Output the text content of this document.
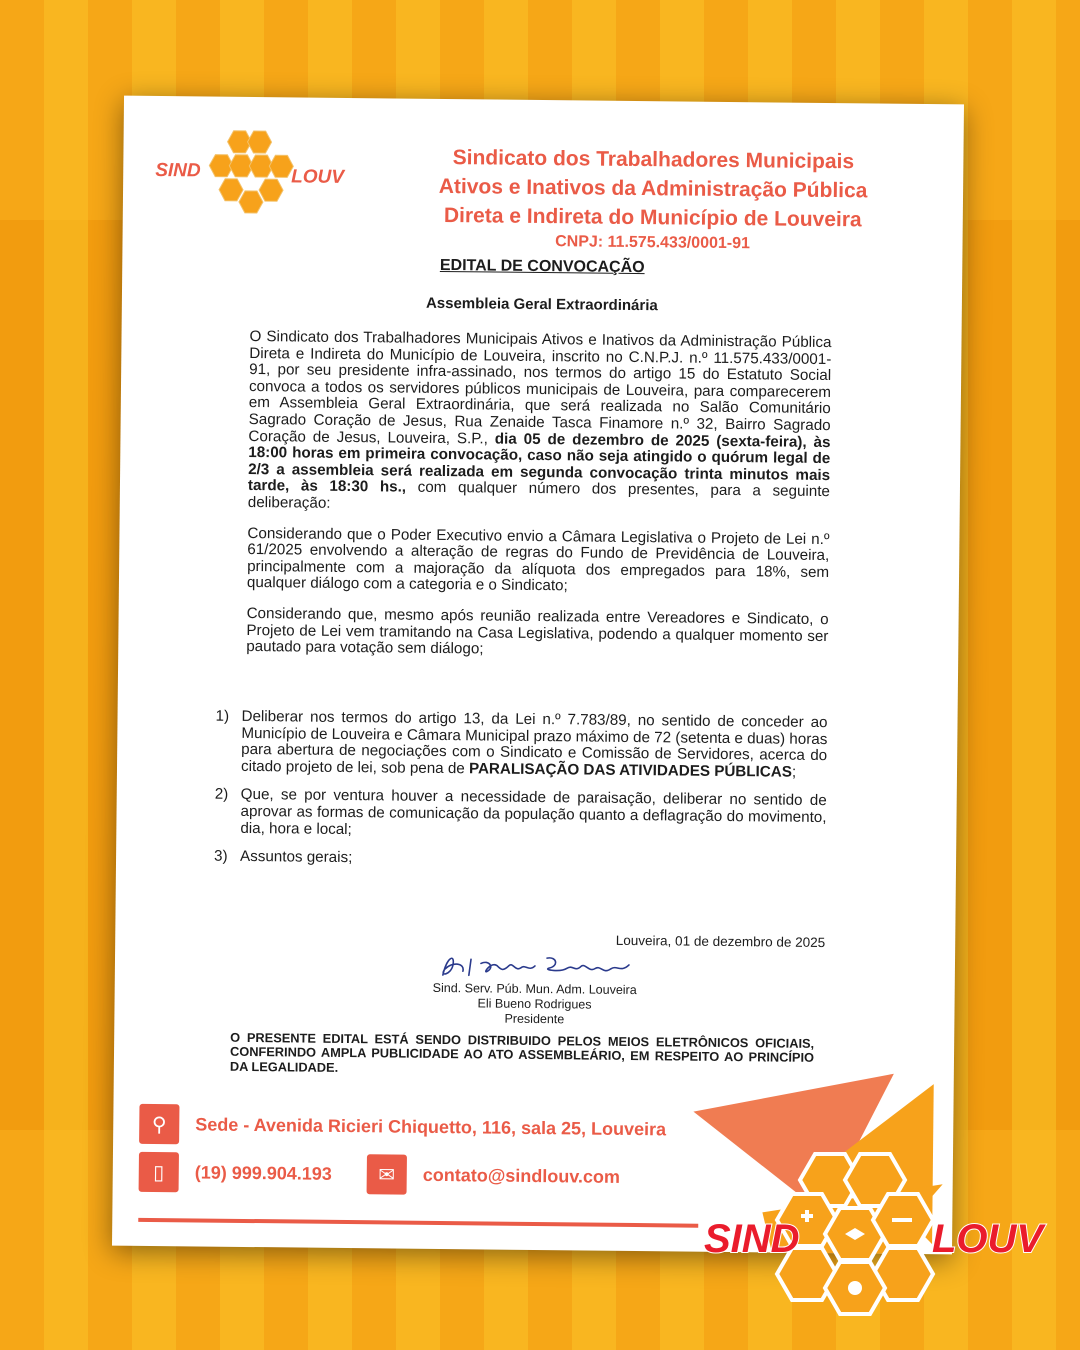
SIND	LOUV
Sindicato dos Trabalhadores Municipais
Ativos e Inativos da Administração Pública
Direta e Indireta do Município de Louveira
CNPJ: 11.575.433/0001-91
EDITAL DE CONVOCAÇÃO
Assembleia Geral Extraordinária

O Sindicato dos Trabalhadores Municipais Ativos e Inativos da Administração Pública Direta e Indireta do Município de Louveira, inscrito no C.N.P.J. n.º 11.575.433/0001-91, por seu presidente infra-assinado, nos termos do artigo 15 do Estatuto Social convoca a todos os servidores públicos municipais de Louveira, para comparecerem em Assembleia Geral Extraordinária, que será realizada no Salão Comunitário Sagrado Coração de Jesus, Rua Zenaide Tasca Finamore n.º 32, Bairro Sagrado Coração de Jesus, Louveira, S.P., dia 05 de dezembro de 2025 (sexta-feira), às 18:00 horas em primeira convocação, caso não seja atingido o quórum legal de 2/3 a assembleia será realizada em segunda convocação trinta minutos mais tarde, às 18:30 hs., com qualquer número dos presentes, para a seguinte deliberação:

Considerando que o Poder Executivo envio a Câmara Legislativa o Projeto de Lei n.º 61/2025 envolvendo a alteração de regras do Fundo de Previdência de Louveira, principalmente com a majoração da alíquota dos empregados para 18%, sem qualquer diálogo com a categoria e o Sindicato;

Considerando que, mesmo após reunião realizada entre Vereadores e Sindicato, o Projeto de Lei vem tramitando na Casa Legislativa, podendo a qualquer momento ser pautado para votação sem diálogo;

1) Deliberar nos termos do artigo 13, da Lei n.º 7.783/89, no sentido de conceder ao Município de Louveira e Câmara Municipal prazo máximo de 72 (setenta e duas) horas para abertura de negociações com o Sindicato e Comissão de Servidores, acerca do citado projeto de lei, sob pena de PARALISAÇÃO DAS ATIVIDADES PÚBLICAS;
2) Que, se por ventura houver a necessidade de paraisação, deliberar no sentido de aprovar as formas de comunicação da população quanto a deflagração do movimento, dia, hora e local;
3) Assuntos gerais;
Louveira, 01 de dezembro de 2025
Sind. Serv. Púb. Mun. Adm. Louveira
Eli Bueno Rodrigues
Presidente
O PRESENTE EDITAL ESTÁ SENDO DISTRIBUIDO PELOS MEIOS ELETRÔNICOS OFICIAIS, CONFERINDO AMPLA PUBLICIDADE AO ATO ASSEMBLEÁRIO, EM RESPEITO AO PRINCÍPIO DA LEGALIDADE.
⚲	Sede - Avenida Ricieri Chiquetto, 116, sala 25, Louveira
▯	(19) 999.904.193	✉	contato@sindlouv.com
SIND	LOUV
